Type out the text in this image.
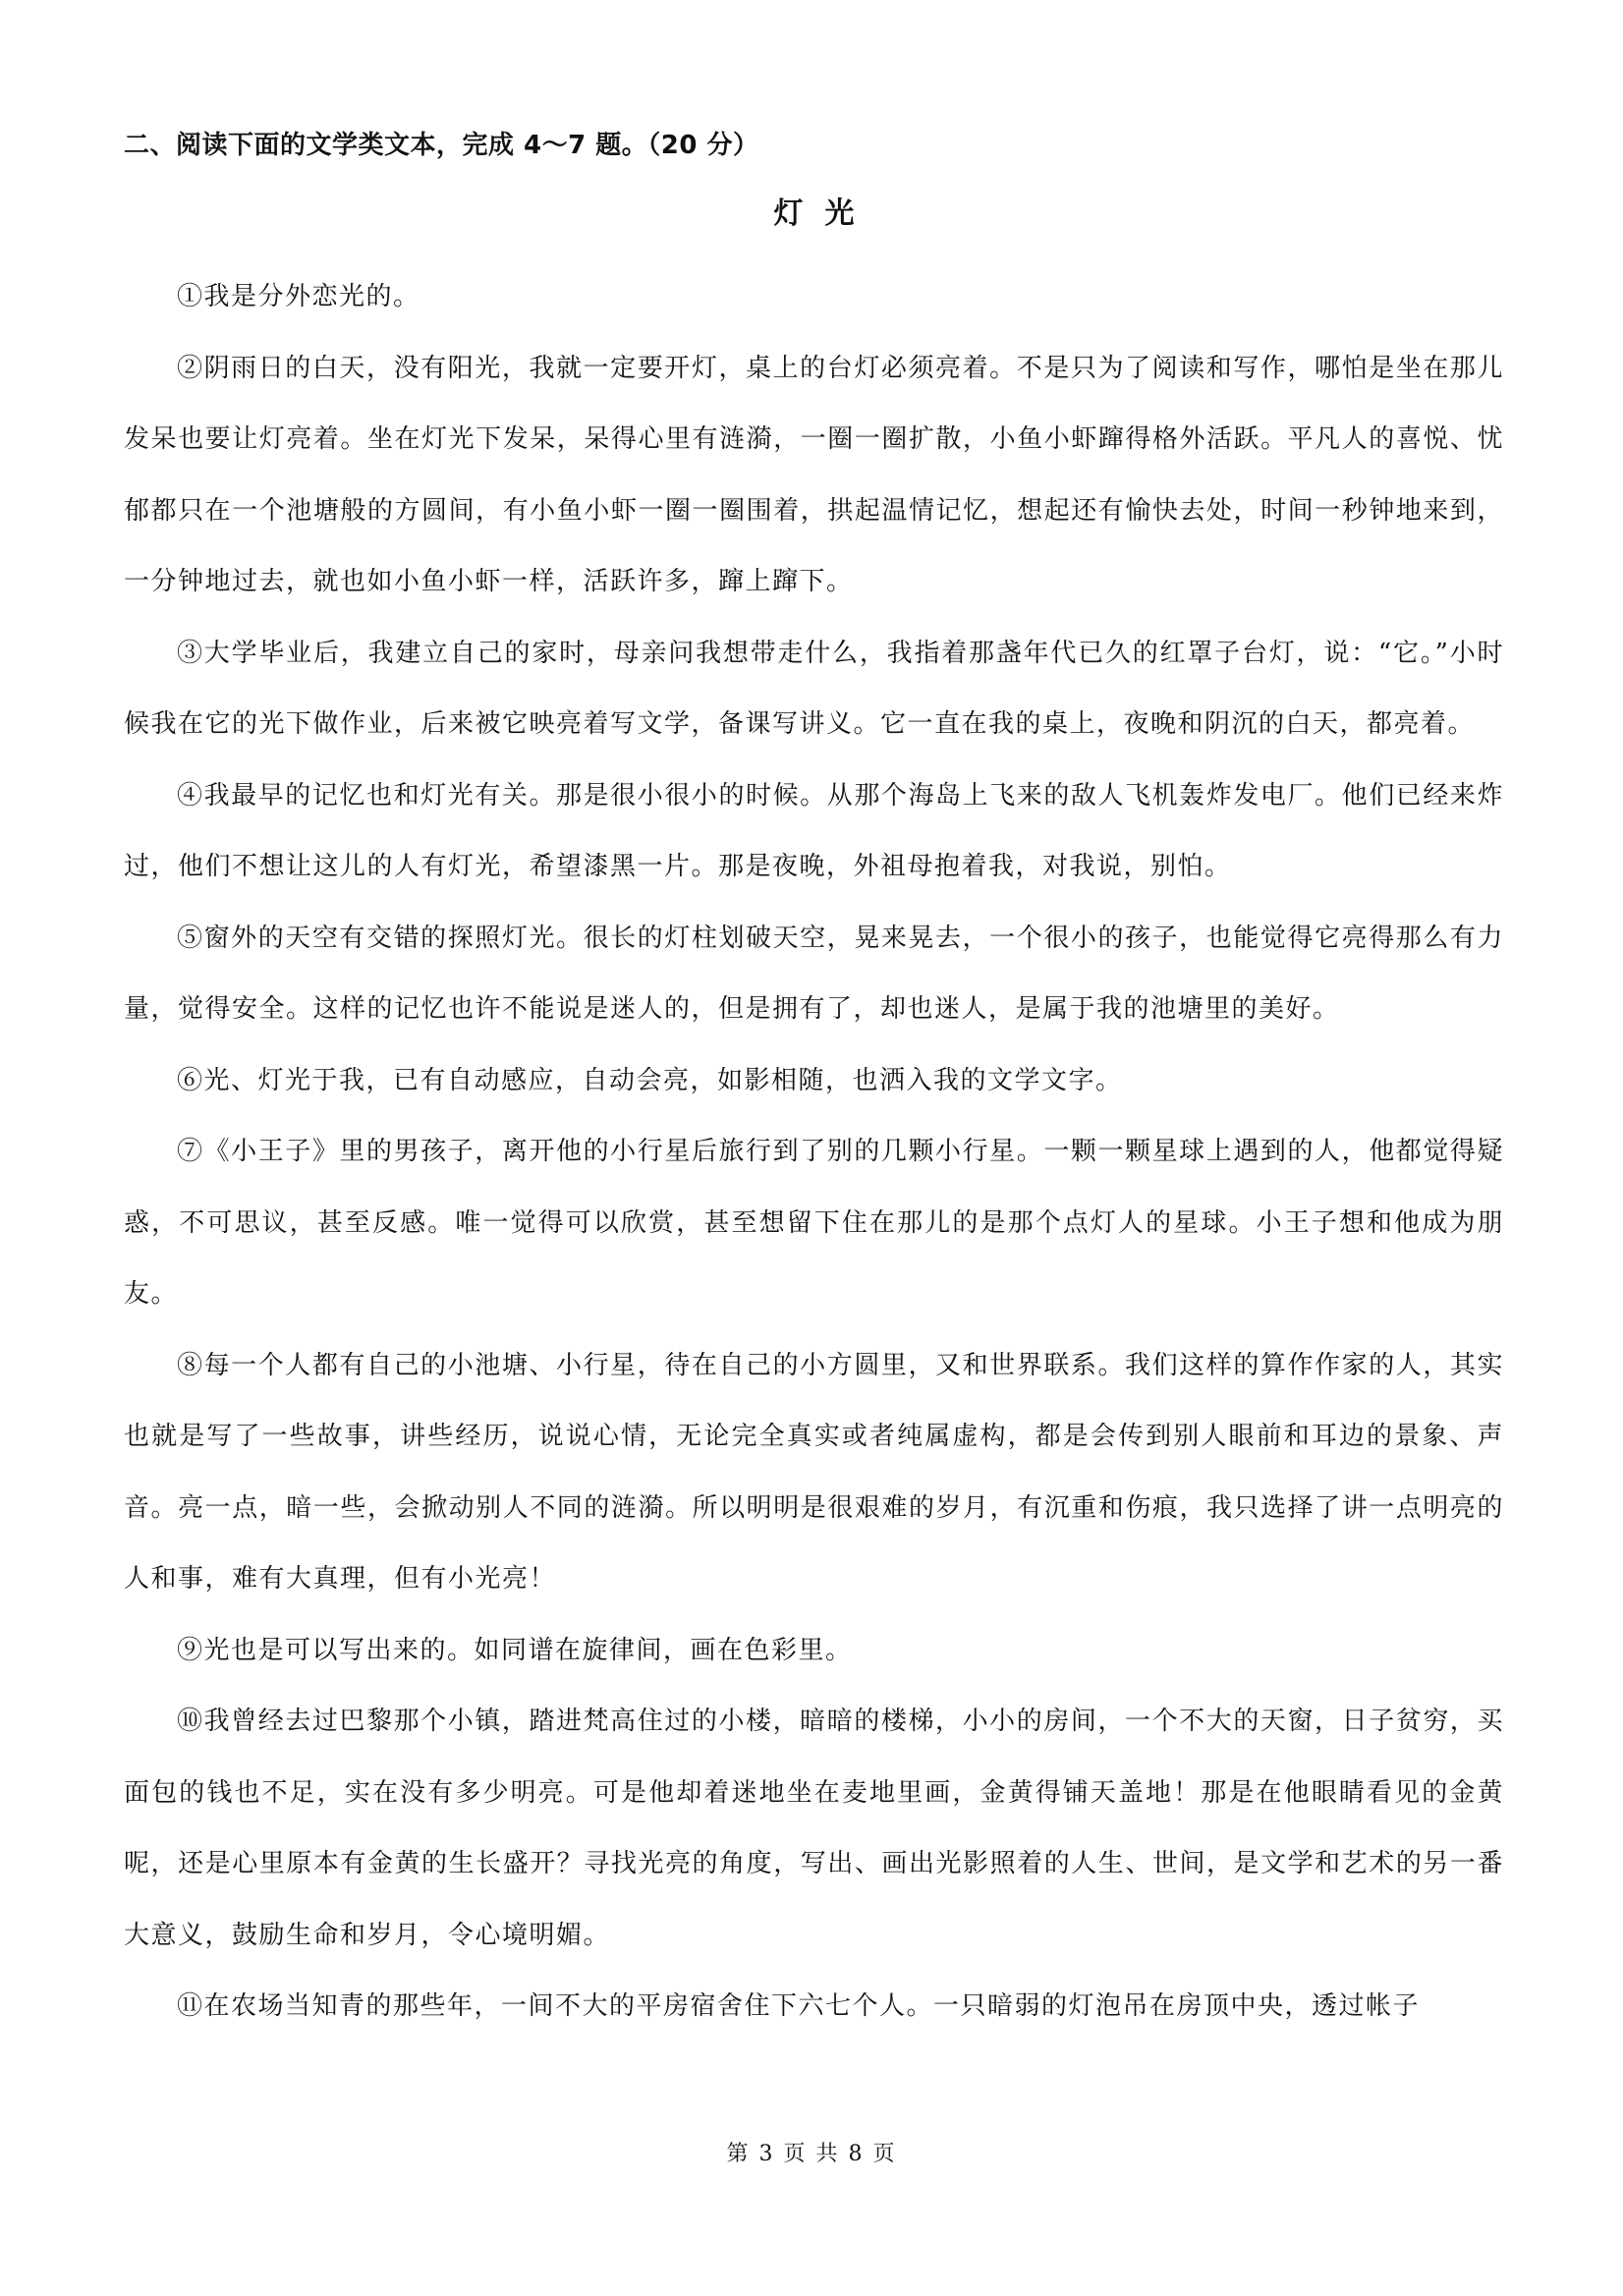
二、阅读下面的文学类文本，完成 4～7 题。（20 分）
灯光

①我是分外恋光的。

②阴雨日的白天，没有阳光，我就一定要开灯，桌上的台灯必须亮着。不是只为了阅读和写作，哪怕是坐在那儿发呆也要让灯亮着。坐在灯光下发呆，呆得心里有涟漪，一圈一圈扩散，小鱼小虾蹿得格外活跃。平凡人的喜悦、忧郁都只在一个池塘般的方圆间，有小鱼小虾一圈一圈围着，拱起温情记忆，想起还有愉快去处，时间一秒钟地来到，一分钟地过去，就也如小鱼小虾一样，活跃许多，蹿上蹿下。

③大学毕业后，我建立自己的家时，母亲问我想带走什么，我指着那盏年代已久的红罩子台灯，说：“它。”小时候我在它的光下做作业，后来被它映亮着写文学，备课写讲义。它一直在我的桌上，夜晚和阴沉的白天，都亮着。

④我最早的记忆也和灯光有关。那是很小很小的时候。从那个海岛上飞来的敌人飞机轰炸发电厂。他们已经来炸过，他们不想让这儿的人有灯光，希望漆黑一片。那是夜晚，外祖母抱着我，对我说，别怕。

⑤窗外的天空有交错的探照灯光。很长的灯柱划破天空，晃来晃去，一个很小的孩子，也能觉得它亮得那么有力量，觉得安全。这样的记忆也许不能说是迷人的，但是拥有了，却也迷人，是属于我的池塘里的美好。

⑥光、灯光于我，已有自动感应，自动会亮，如影相随，也洒入我的文学文字。

⑦《小王子》里的男孩子，离开他的小行星后旅行到了别的几颗小行星。一颗一颗星球上遇到的人，他都觉得疑惑，不可思议，甚至反感。唯一觉得可以欣赏，甚至想留下住在那儿的是那个点灯人的星球。小王子想和他成为朋友。

⑧每一个人都有自己的小池塘、小行星，待在自己的小方圆里，又和世界联系。我们这样的算作作家的人，其实也就是写了一些故事，讲些经历，说说心情，无论完全真实或者纯属虚构，都是会传到别人眼前和耳边的景象、声音。亮一点，暗一些，会掀动别人不同的涟漪。所以明明是很艰难的岁月，有沉重和伤痕，我只选择了讲一点明亮的人和事，难有大真理，但有小光亮！

⑨光也是可以写出来的。如同谱在旋律间，画在色彩里。

⑩我曾经去过巴黎那个小镇，踏进梵高住过的小楼，暗暗的楼梯，小小的房间，一个不大的天窗，日子贫穷，买面包的钱也不足，实在没有多少明亮。可是他却着迷地坐在麦地里画，金黄得铺天盖地！那是在他眼睛看见的金黄呢，还是心里原本有金黄的生长盛开？寻找光亮的角度，写出、画出光影照着的人生、世间，是文学和艺术的另一番大意义，鼓励生命和岁月，令心境明媚。

⑪在农场当知青的那些年，一间不大的平房宿舍住下六七个人。一只暗弱的灯泡吊在房顶中央，透过帐子

第 3 页 共 8 页
